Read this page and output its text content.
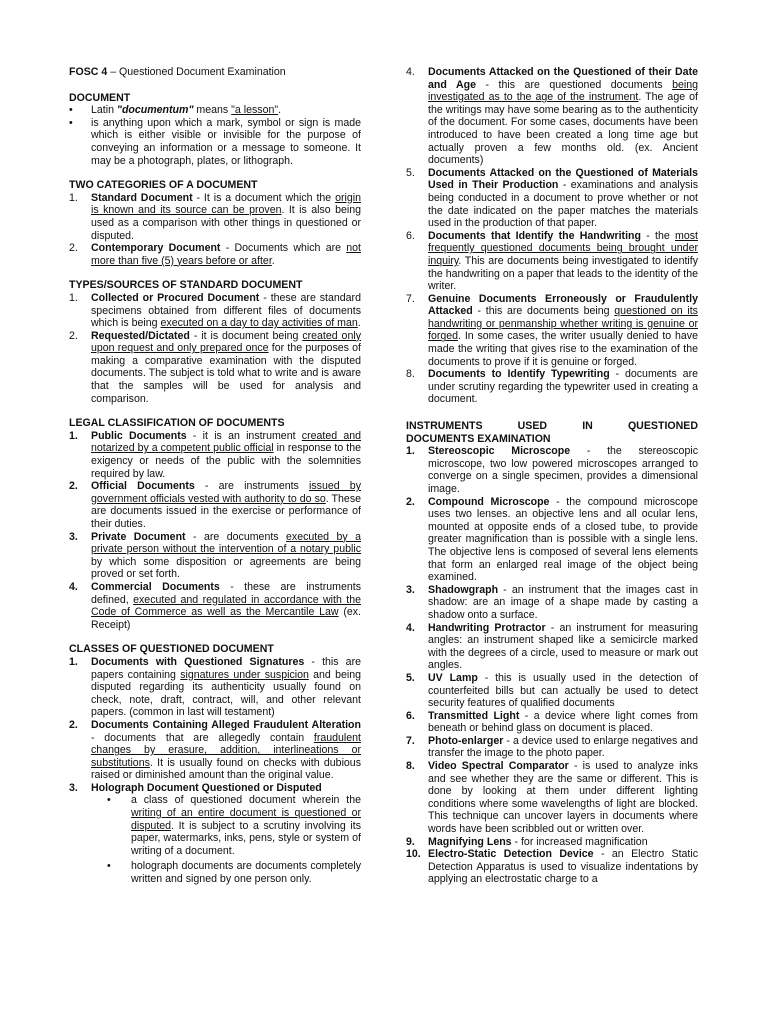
FOSC 4 – Questioned Document Examination

DOCUMENT

• Latin "documentum" means "a lesson".
• is anything upon which a mark, symbol or sign is made which is either visible or invisible for the purpose of conveying an information or a message to someone. It may be a photograph, plates, or lithograph.

TWO CATEGORIES OF A DOCUMENT

1. Standard Document - It is a document which the origin is known and its source can be proven. It is also being used as a comparison with other things in questioned or disputed.
2. Contemporary Document - Documents which are not more than five (5) years before or after.

TYPES/SOURCES OF STANDARD DOCUMENT

1. Collected or Procured Document - these are standard specimens obtained from different files of documents which is being executed on a day to day activities of man.
2. Requested/Dictated - it is document being created only upon request and only prepared once for the purposes of making a comparative examination with the disputed documents. The subject is told what to write and is aware that the samples will be used for analysis and comparison.

LEGAL CLASSIFICATION OF DOCUMENTS

1. Public Documents - it is an instrument created and notarized by a competent public official in response to the exigency or needs of the public with the solemnities required by law.
2. Official Documents - are instruments issued by government officials vested with authority to do so. These are documents issued in the exercise or performance of their duties.
3. Private Document - are documents executed by a private person without the intervention of a notary public by which some disposition or agreements are being proved or set forth.
4. Commercial Documents - these are instruments defined, executed and regulated in accordance with the Code of Commerce as well as the Mercantile Law (ex. Receipt)

CLASSES OF QUESTIONED DOCUMENT

1. Documents with Questioned Signatures - this are papers containing signatures under suspicion and being disputed regarding its authenticity usually found on check, note, draft, contract, will, and other relevant papers. (common in last will testament)
2. Documents Containing Alleged Fraudulent Alteration - documents that are allegedly contain fraudulent changes by erasure, addition, interlineations or substitutions. It is usually found on checks with dubious raised or diminished amount than the original value.
3. Holograph Document Questioned or Disputed
• a class of questioned document wherein the writing of an entire document is questioned or disputed. It is subject to a scrutiny involving its paper, watermarks, inks, pens, style or system of writing of a document.
• holograph documents are documents completely written and signed by one person only.
4. Documents Attacked on the Questioned of their Date and Age - this are questioned documents being investigated as to the age of the instrument. The age of the writings may have some bearing as to the authenticity of the document. For some cases, documents have been introduced to have been created a long time age but actually proven a few months old. (ex. Ancient documents)
5. Documents Attacked on the Questioned of Materials Used in Their Production - examinations and analysis being conducted in a document to prove whether or not the date indicated on the paper matches the materials used in the production of that paper.
6. Documents that Identify the Handwriting - the most frequently questioned documents being brought under inquiry. This are documents being investigated to identify the handwriting on a paper that leads to the identity of the writer.
7. Genuine Documents Erroneously or Fraudulently Attacked - this are documents being questioned on its handwriting or penmanship whether writing is genuine or forged. In some cases, the writer usually denied to have made the writing that gives rise to the examination of the documents to prove if it is genuine or forged.
8. Documents to Identify Typewriting - documents are under scrutiny regarding the typewriter used in creating a document.

INSTRUMENTS USED IN QUESTIONED

DOCUMENTS EXAMINATION

1. Stereoscopic Microscope - the stereoscopic microscope, two low powered microscopes arranged to converge on a single specimen, provides a dimensional image.
2. Compound Microscope - the compound microscope uses two lenses. an objective lens and all ocular lens, mounted at opposite ends of a closed tube, to provide greater magnification than is possible with a single lens. The objective lens is composed of several lens elements that form an enlarged real image of the object being examined.
3. Shadowgraph - an instrument that the images cast in shadow: are an image of a shape made by casting a shadow onto a surface.
4. Handwriting Protractor - an instrument for measuring angles: an instrument shaped like a semicircle marked with the degrees of a circle, used to measure or mark out angles.
5. UV Lamp - this is usually used in the detection of counterfeited bills but can actually be used to detect security features of qualified documents
6. Transmitted Light - a device where light comes from beneath or behind glass on document is placed.
7. Photo-enlarger - a device used to enlarge negatives and transfer the image to the photo paper.
8. Video Spectral Comparator - is used to analyze inks and see whether they are the same or different. This is done by looking at them under different lighting conditions where some wavelengths of light are blocked. This technique can uncover layers in documents where words have been scribbled out or written over.
9. Magnifying Lens - for increased magnification
10. Electro-Static Detection Device - an Electro Static Detection Apparatus is used to visualize indentations by applying an electrostatic charge to a
